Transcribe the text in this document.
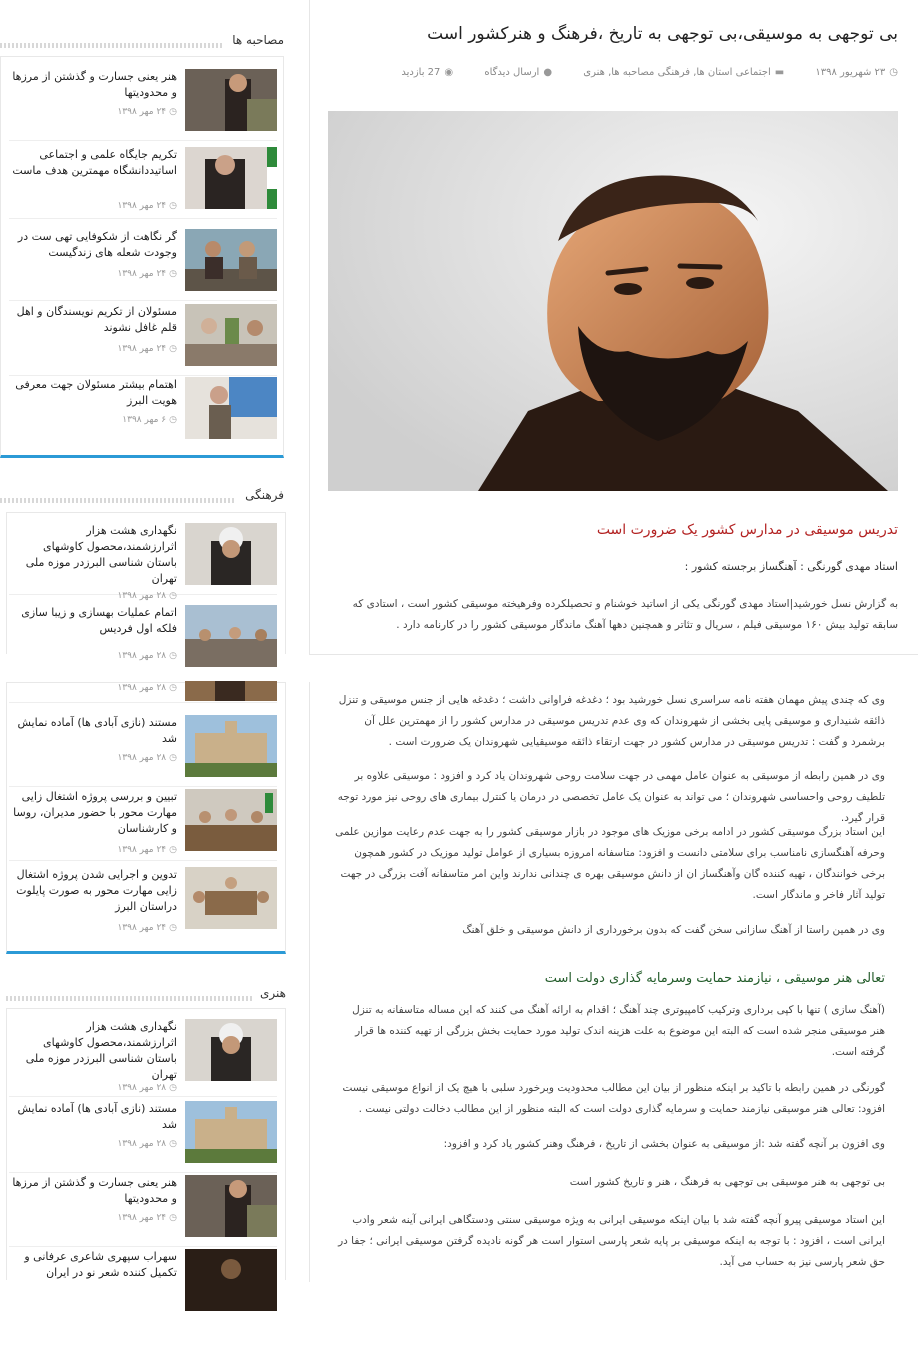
بی توجهی به موسیقی،بی توجهی به تاریخ ،فرهنگ و هنرکشور است
◷۲۳ شهریور ۱۳۹۸ ▬اجتماعی استان ها, فرهنگی مصاحبه ها, هنری ●ارسال دیدگاه ◉27 بازدید
تدریس موسیقی در مدارس کشور یک ضرورت است
استاد مهدی گورنگی : آهنگساز برجسته کشور :
به گزارش نسل خورشید|استاد مهدی گورنگی یکی از اساتید خوشنام و تحصیلکرده وفرهیخته موسیقی کشور است ، استادی که سابقه تولید بیش ۱۶۰ موسیقی فیلم ، سریال و تئاتر و همچنین دهها آهنگ ماندگار موسیقی کشور را در کارنامه دارد .
وی که چندی پیش مهمان هفته نامه سراسری نسل خورشید بود ؛ دغدغه فراوانی داشت ؛ دغدغه هایی از جنس موسیقی و تنزل ذائقه شنیداری و موسیقی پایی بخشی از شهروندان که وی عدم تدریس موسیقی در مدارس کشور را از مهمترین علل آن برشمرد و گفت : تدریس موسیقی در مدارس کشور در جهت ارتقاء ذائقه موسیقیایی شهروندان یک ضرورت است .
وی در همین رابطه از موسیقی به عنوان عامل مهمی در جهت سلامت روحی شهروندان یاد کرد و افزود : موسیقی علاوه بر تلطیف روحی واحساسی شهروندان ؛ می تواند به عنوان یک عامل تخصصی در درمان یا کنترل بیماری های روحی نیز مورد توجه قرار گیرد.
این استاد بزرگ موسیقی کشور در ادامه برخی موزیک های موجود در بازار موسیقی کشور را به جهت عدم رعایت موازین علمی وحرفه آهنگسازی نامناسب برای سلامتی دانست و افزود: متاسفانه امروزه بسیاری از عوامل تولید موزیک در کشور همچون برخی خوانندگان ، تهیه کننده گان وآهنگساز ان از دانش موسیقی بهره ی چندانی ندارند واین امر متاسفانه آفت بزرگی در جهت تولید آثار فاخر و ماندگار است.
وی در همین راستا از آهنگ سازانی سخن گفت که بدون برخورداری از دانش موسیقی و خلق آهنگ
تعالی هنر موسیقی ، نیازمند حمایت وسرمایه گذاری دولت است
(آهنگ سازی ) تنها با کپی برداری وترکیب کامپیوتری چند آهنگ ؛ اقدام به ارائه آهنگ می کنند که این مساله متاسفانه به تنزل هنر موسیقی منجر شده است که البته این موضوع به علت هزینه اندک تولید مورد حمایت بخش بزرگی از تهیه کننده ها قرار گرفته است.
گورنگی در همین رابطه با تاکید بر اینکه منظور از بیان این مطالب محدودیت وبرخورد سلبی با هیچ یک از انواع موسیقی نیست افزود: تعالی هنر موسیقی نیازمند حمایت و سرمایه گذاری دولت است که البته منظور از این مطالب دخالت دولتی نیست .
وی افزون بر آنچه گفته شد :از موسیقی به عنوان بخشی از تاریخ ، فرهنگ وهنر کشور یاد کرد و افزود:
بی توجهی به هنر موسیقی بی توجهی به فرهنگ ، هنر و تاریخ کشور است
این استاد موسیقی پیرو آنچه گفته شد با بیان اینکه موسیقی ایرانی به ویژه موسیقی سنتی ودستگاهی ایرانی آینه شعر وادب ایرانی است ، افزود : با توجه به اینکه موسیقی بر پایه شعر پارسی استوار است هر گونه نادیده گرفتن موسیقی ایرانی ؛ جفا در حق شعر پارسی نیز به حساب می آید.
مصاحبه ها
هنر یعنی جسارت و گذشتن از مرزها و محدودیتها
◷۲۴ مهر ۱۳۹۸
تکریم جایگاه علمی و اجتماعی اساتیددانشگاه مهمترین هدف ماست
◷۲۴ مهر ۱۳۹۸
گر نگاهت از شکوفایی تهی ست در وجودت شعله های زندگیست
◷۲۴ مهر ۱۳۹۸
مسئولان از تکریم نویسندگان و اهل قلم غافل نشوند
◷۲۴ مهر ۱۳۹۸
اهتمام بیشتر مسئولان جهت معرفی هویت البرز
◷۶ مهر ۱۳۹۸
فرهنگی
نگهداری هشت هزار اثرارزشمند،محصول کاوشهای باستان شناسی البرزدر موزه ملی تهران
◷۲۸ مهر ۱۳۹۸
اتمام عملیات بهسازی و زیبا سازی فلکه اول فردیس
◷۲۸ مهر ۱۳۹۸
◷۲۸ مهر ۱۳۹۸
مستند (نازی آبادی ها) آماده نمایش شد
◷۲۸ مهر ۱۳۹۸
تبیین و بررسی پروژه اشتغال زایی مهارت محور با حضور مدیران، روسا و کارشناسان
◷۲۴ مهر ۱۳۹۸
تدوین و اجرایی شدن پروژه اشتغال زایی مهارت محور به صورت پایلوت دراستان البرز
◷۲۴ مهر ۱۳۹۸
هنری
نگهداری هشت هزار اثرارزشمند،محصول کاوشهای باستان شناسی البرزدر موزه ملی تهران
◷۲۸ مهر ۱۳۹۸
مستند (نازی آبادی ها) آماده نمایش شد
◷۲۸ مهر ۱۳۹۸
هنر یعنی جسارت و گذشتن از مرزها و محدودیتها
◷۲۴ مهر ۱۳۹۸
سهراب سپهری شاعری عرفانی و تکمیل کننده شعر نو در ایران
